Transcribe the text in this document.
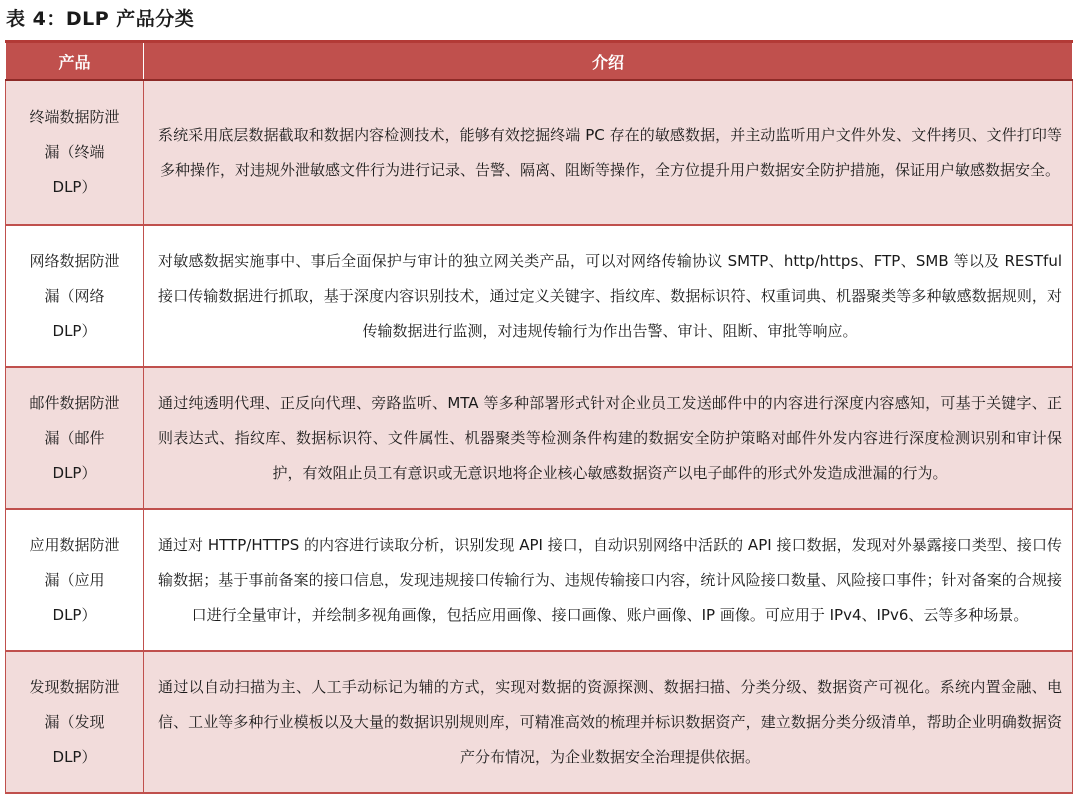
表 4：DLP 产品分类
产品	介绍
终端数据防泄漏（终端 DLP）	系统采用底层数据截取和数据内容检测技术，能够有效挖掘终端 PC 存在的敏感数据，并主动监听用户文件外发、文件拷贝、文件打印等多种操作，对违规外泄敏感文件行为进行记录、告警、隔离、阻断等操作，全方位提升用户数据安全防护措施，保证用户敏感数据安全。
网络数据防泄漏（网络 DLP）	对敏感数据实施事中、事后全面保护与审计的独立网关类产品，可以对网络传输协议 SMTP、http/https、FTP、SMB 等以及 RESTful 接口传输数据进行抓取，基于深度内容识别技术，通过定义关键字、指纹库、数据标识符、权重词典、机器聚类等多种敏感数据规则，对传输数据进行监测，对违规传输行为作出告警、审计、阻断、审批等响应。
邮件数据防泄漏（邮件 DLP）	通过纯透明代理、正反向代理、旁路监听、MTA 等多种部署形式针对企业员工发送邮件中的内容进行深度内容感知，可基于关键字、正则表达式、指纹库、数据标识符、文件属性、机器聚类等检测条件构建的数据安全防护策略对邮件外发内容进行深度检测识别和审计保护，有效阻止员工有意识或无意识地将企业核心敏感数据资产以电子邮件的形式外发造成泄漏的行为。
应用数据防泄漏（应用 DLP）	通过对 HTTP/HTTPS 的内容进行读取分析，识别发现 API 接口，自动识别网络中活跃的 API 接口数据，发现对外暴露接口类型、接口传输数据；基于事前备案的接口信息，发现违规接口传输行为、违规传输接口内容，统计风险接口数量、风险接口事件；针对备案的合规接口进行全量审计，并绘制多视角画像，包括应用画像、接口画像、账户画像、IP 画像。可应用于 IPv4、IPv6、云等多种场景。
发现数据防泄漏（发现 DLP）	通过以自动扫描为主、人工手动标记为辅的方式，实现对数据的资源探测、数据扫描、分类分级、数据资产可视化。系统内置金融、电信、工业等多种行业模板以及大量的数据识别规则库，可精准高效的梳理并标识数据资产，建立数据分类分级清单，帮助企业明确数据资产分布情况，为企业数据安全治理提供依据。
